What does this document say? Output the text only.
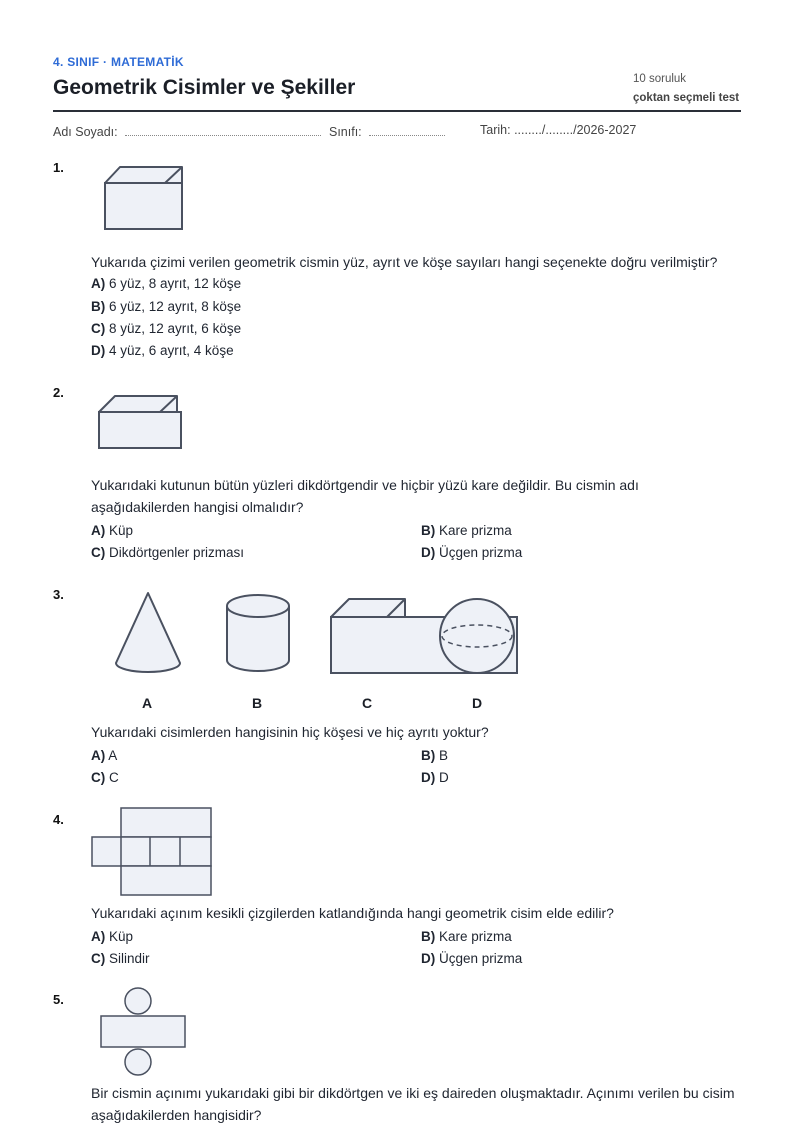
4. SINIF · MATEMATİK
Geometrik Cisimler ve Şekiller	10 soruluk
çoktan seçmeli test
Adı Soyadı:	Sınıfı:	Tarih: ......../......../2026-2027
1.
Yukarıda çizimi verilen geometrik cismin yüz, ayrıt ve köşe sayıları hangi seçenekte doğru verilmiştir?
A) 6 yüz, 8 ayrıt, 12 köşe
B) 6 yüz, 12 ayrıt, 8 köşe
C) 8 yüz, 12 ayrıt, 6 köşe
D) 4 yüz, 6 ayrıt, 4 köşe
2.
Yukarıdaki kutunun bütün yüzleri dikdörtgendir ve hiçbir yüzü kare değildir. Bu cismin adı aşağıdakilerden hangisi olmalıdır?
A) Küp	B) Kare prizma
C) Dikdörtgenler prizması	D) Üçgen prizma
3.
A	B	C	D
Yukarıdaki cisimlerden hangisinin hiç köşesi ve hiç ayrıtı yoktur?
A) A	B) B
C) C	D) D
4.
Yukarıdaki açınım kesikli çizgilerden katlandığında hangi geometrik cisim elde edilir?
A) Küp	B) Kare prizma
C) Silindir	D) Üçgen prizma
5.
Bir cismin açınımı yukarıdaki gibi bir dikdörtgen ve iki eş daireden oluşmaktadır. Açınımı verilen bu cisim aşağıdakilerden hangisidir?
